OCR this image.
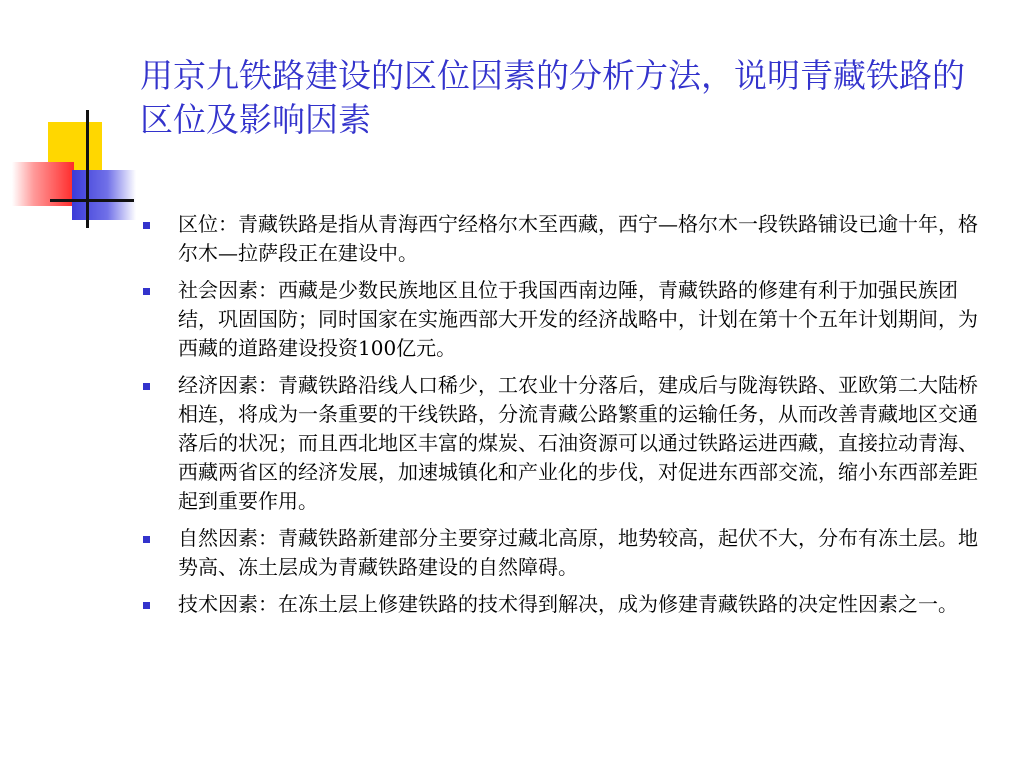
用京九铁路建设的区位因素的分析方法，说明青藏铁路的区位及影响因素
区位：青藏铁路是指从青海西宁经格尔木至西藏，西宁—格尔木一段铁路铺设已逾十年，格尔木—拉萨段正在建设中。
社会因素：西藏是少数民族地区且位于我国西南边陲，青藏铁路的修建有利于加强民族团结，巩固国防；同时国家在实施西部大开发的经济战略中，计划在第十个五年计划期间，为西藏的道路建设投资100亿元。
经济因素：青藏铁路沿线人口稀少，工农业十分落后，建成后与陇海铁路、亚欧第二大陆桥相连，将成为一条重要的干线铁路，分流青藏公路繁重的运输任务，从而改善青藏地区交通落后的状况；而且西北地区丰富的煤炭、石油资源可以通过铁路运进西藏，直接拉动青海、西藏两省区的经济发展，加速城镇化和产业化的步伐，对促进东西部交流，缩小东西部差距起到重要作用。
自然因素：青藏铁路新建部分主要穿过藏北高原，地势较高，起伏不大，分布有冻土层。地势高、冻土层成为青藏铁路建设的自然障碍。
技术因素：在冻土层上修建铁路的技术得到解决，成为修建青藏铁路的决定性因素之一。
